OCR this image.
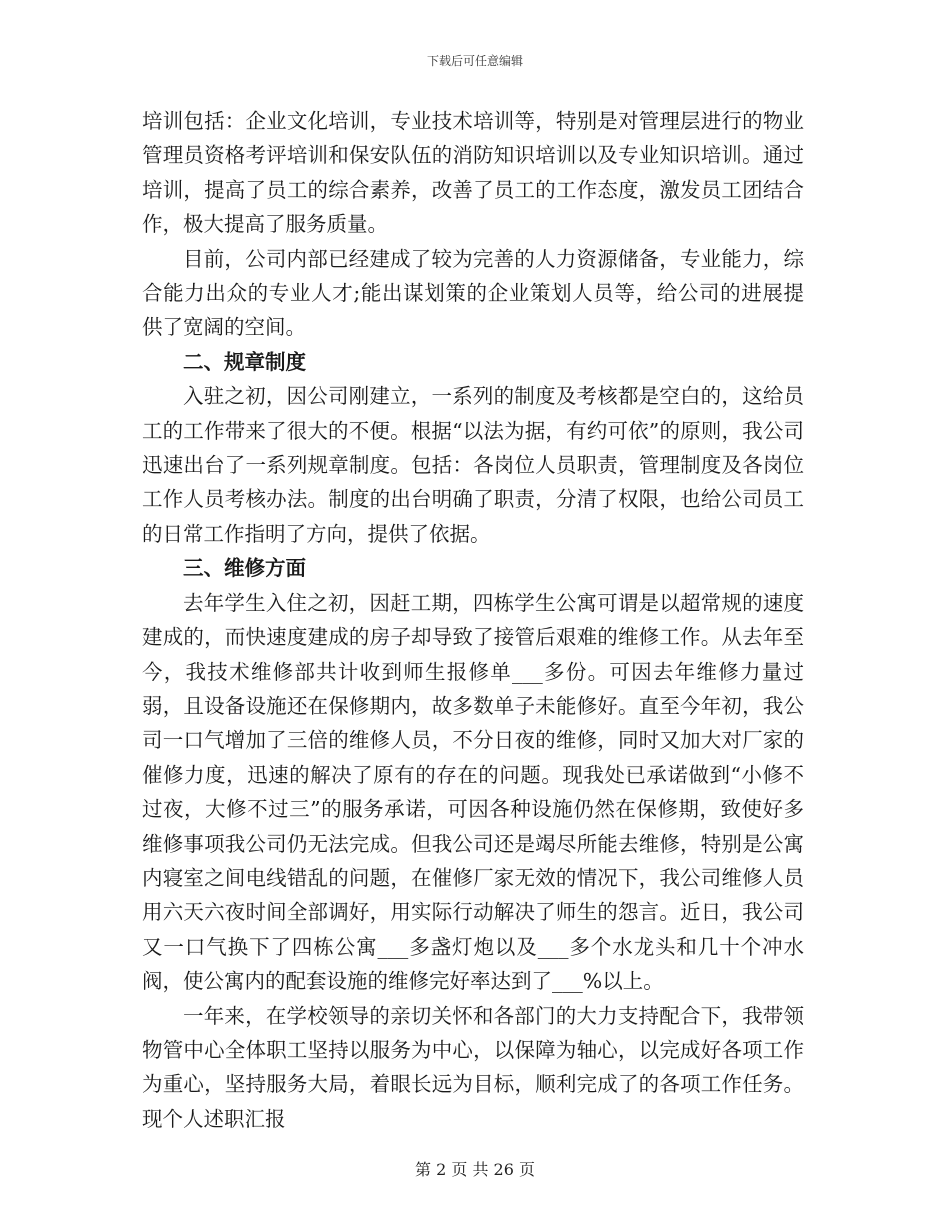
下载后可任意编辑

培训包括：企业文化培训，专业技术培训等，特别是对管理层进行的物业管理员资格考评培训和保安队伍的消防知识培训以及专业知识培训。通过培训，提高了员工的综合素养，改善了员工的工作态度，激发员工团结合作，极大提高了服务质量。

目前，公司内部已经建成了较为完善的人力资源储备，专业能力，综合能力出众的专业人才;能出谋划策的企业策划人员等，给公司的进展提供了宽阔的空间。

二、规章制度

入驻之初，因公司刚建立，一系列的制度及考核都是空白的，这给员工的工作带来了很大的不便。根据“以法为据，有约可依”的原则，我公司迅速出台了一系列规章制度。包括：各岗位人员职责，管理制度及各岗位工作人员考核办法。制度的出台明确了职责，分清了权限，也给公司员工的日常工作指明了方向，提供了依据。

三、维修方面

去年学生入住之初，因赶工期，四栋学生公寓可谓是以超常规的速度建成的，而快速度建成的房子却导致了接管后艰难的维修工作。从去年至今，我技术维修部共计收到师生报修单___多份。可因去年维修力量过弱，且设备设施还在保修期内，故多数单子未能修好。直至今年初，我公司一口气增加了三倍的维修人员，不分日夜的维修，同时又加大对厂家的催修力度，迅速的解决了原有的存在的问题。现我处已承诺做到“小修不过夜，大修不过三”的服务承诺，可因各种设施仍然在保修期，致使好多维修事项我公司仍无法完成。但我公司还是竭尽所能去维修，特别是公寓内寝室之间电线错乱的问题，在催修厂家无效的情况下，我公司维修人员用六天六夜时间全部调好，用实际行动解决了师生的怨言。近日，我公司又一口气换下了四栋公寓___多盏灯炮以及___多个水龙头和几十个冲水阀，使公寓内的配套设施的维修完好率达到了___%以上。

一年来，在学校领导的亲切关怀和各部门的大力支持配合下，我带领物管中心全体职工坚持以服务为中心，以保障为轴心，以完成好各项工作为重心，坚持服务大局，着眼长远为目标，顺利完成了的各项工作任务。现个人述职汇报

第 2 页 共 26 页
